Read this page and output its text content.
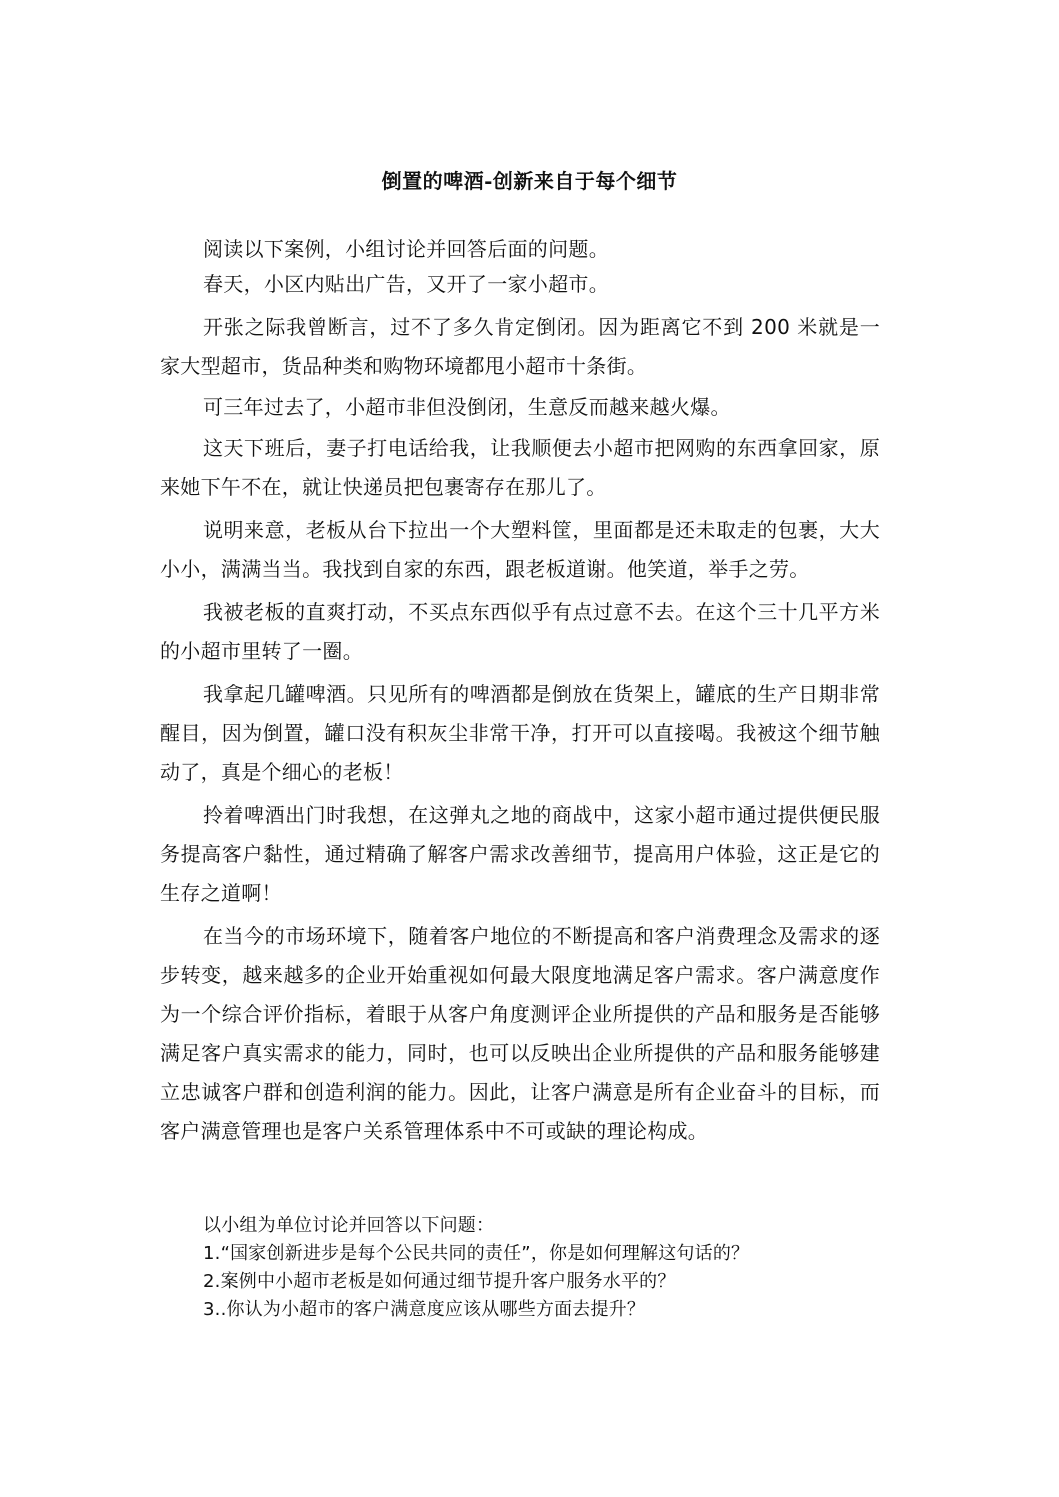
倒置的啤酒-创新来自于每个细节

阅读以下案例，小组讨论并回答后面的问题。

春天，小区内贴出广告，又开了一家小超市。

开张之际我曾断言，过不了多久肯定倒闭。因为距离它不到 200 米就是一家大型超市，货品种类和购物环境都甩小超市十条街。

可三年过去了，小超市非但没倒闭，生意反而越来越火爆。

这天下班后，妻子打电话给我，让我顺便去小超市把网购的东西拿回家，原来她下午不在，就让快递员把包裹寄存在那儿了。

说明来意，老板从台下拉出一个大塑料筐，里面都是还未取走的包裹，大大小小，满满当当。我找到自家的东西，跟老板道谢。他笑道，举手之劳。

我被老板的直爽打动，不买点东西似乎有点过意不去。在这个三十几平方米的小超市里转了一圈。

我拿起几罐啤酒。只见所有的啤酒都是倒放在货架上，罐底的生产日期非常醒目，因为倒置，罐口没有积灰尘非常干净，打开可以直接喝。我被这个细节触动了，真是个细心的老板！

拎着啤酒出门时我想，在这弹丸之地的商战中，这家小超市通过提供便民服务提高客户黏性，通过精确了解客户需求改善细节，提高用户体验，这正是它的生存之道啊！

在当今的市场环境下，随着客户地位的不断提高和客户消费理念及需求的逐步转变，越来越多的企业开始重视如何最大限度地满足客户需求。客户满意度作为一个综合评价指标，着眼于从客户角度测评企业所提供的产品和服务是否能够满足客户真实需求的能力，同时，也可以反映出企业所提供的产品和服务能够建立忠诚客户群和创造利润的能力。因此，让客户满意是所有企业奋斗的目标，而客户满意管理也是客户关系管理体系中不可或缺的理论构成。

以小组为单位讨论并回答以下问题：

1.“国家创新进步是每个公民共同的责任”，你是如何理解这句话的？

2.案例中小超市老板是如何通过细节提升客户服务水平的？

3..你认为小超市的客户满意度应该从哪些方面去提升？
